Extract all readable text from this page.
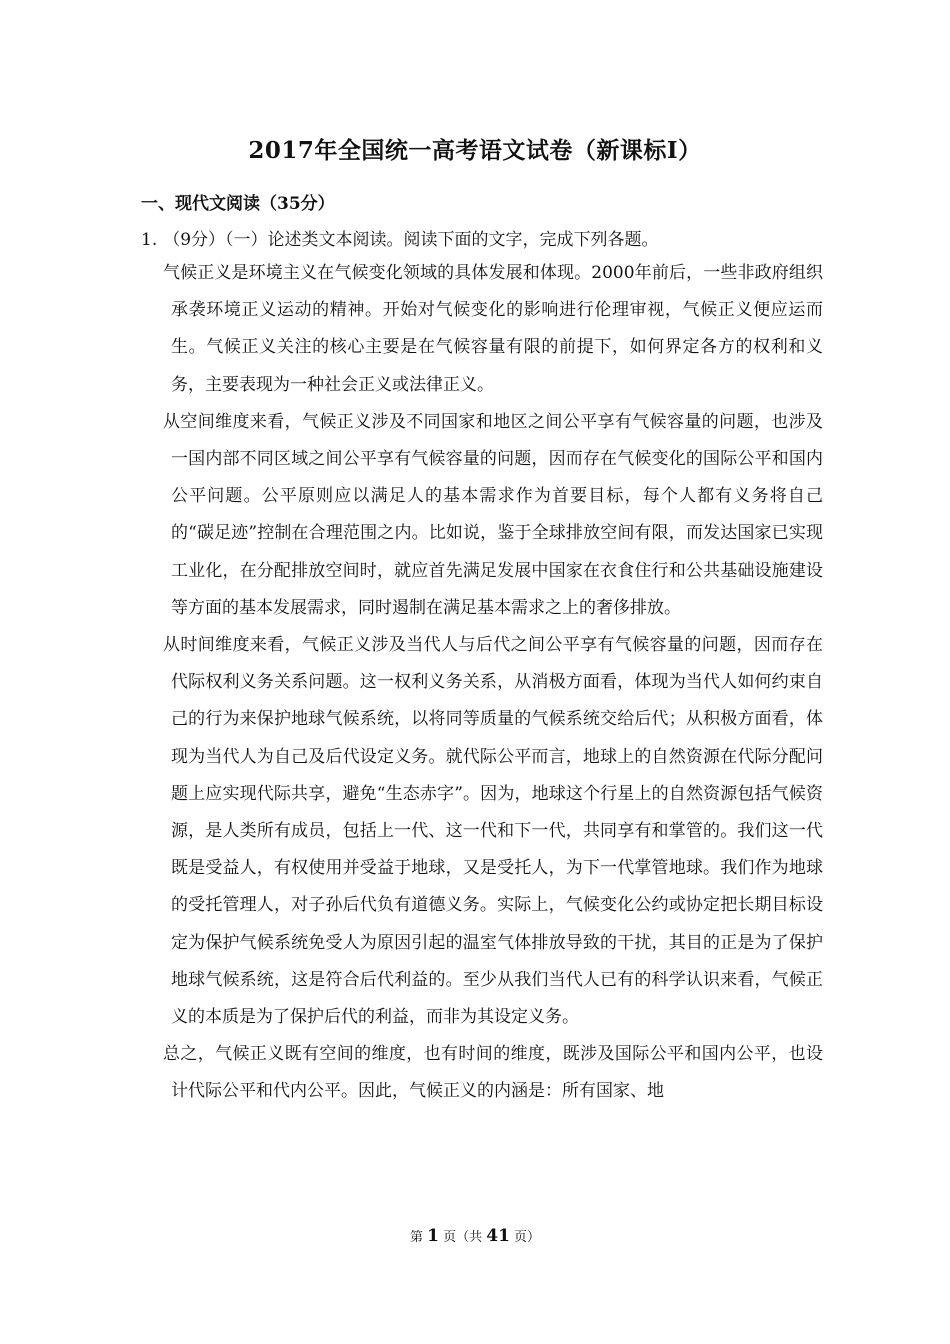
2017年全国统一高考语文试卷（新课标Ⅰ）
一、现代文阅读（35分）
1. （9分）（一）论述类文本阅读。阅读下面的文字，完成下列各题。

气候正义是环境主义在气候变化领域的具体发展和体现。2000年前后，一些非政府组织承袭环境正义运动的精神。开始对气候变化的影响进行伦理审视，气候正义便应运而生。气候正义关注的核心主要是在气候容量有限的前提下，如何界定各方的权利和义务，主要表现为一种社会正义或法律正义。

从空间维度来看，气候正义涉及不同国家和地区之间公平享有气候容量的问题，也涉及一国内部不同区域之间公平享有气候容量的问题，因而存在气候变化的国际公平和国内公平问题。公平原则应以满足人的基本需求作为首要目标，每个人都有义务将自己的“碳足迹”控制在合理范围之内。比如说，鉴于全球排放空间有限，而发达国家已实现工业化，在分配排放空间时，就应首先满足发展中国家在衣食住行和公共基础设施建设等方面的基本发展需求，同时遏制在满足基本需求之上的奢侈排放。

从时间维度来看，气候正义涉及当代人与后代之间公平享有气候容量的问题，因而存在代际权利义务关系问题。这一权利义务关系，从消极方面看，体现为当代人如何约束自己的行为来保护地球气候系统，以将同等质量的气候系统交给后代；从积极方面看，体现为当代人为自己及后代设定义务。就代际公平而言，地球上的自然资源在代际分配问题上应实现代际共享，避免“生态赤字”。因为，地球这个行星上的自然资源包括气候资源，是人类所有成员，包括上一代、这一代和下一代，共同享有和掌管的。我们这一代既是受益人，有权使用并受益于地球，又是受托人，为下一代掌管地球。我们作为地球的受托管理人，对子孙后代负有道德义务。实际上，气候变化公约或协定把长期目标设定为保护气候系统免受人为原因引起的温室气体排放导致的干扰，其目的正是为了保护地球气候系统，这是符合后代利益的。至少从我们当代人已有的科学认识来看，气候正义的本质是为了保护后代的利益，而非为其设定义务。

总之，气候正义既有空间的维度，也有时间的维度，既涉及国际公平和国内公平，也设计代际公平和代内公平。因此，气候正义的内涵是：所有国家、地

第 1 页（共 41 页）
